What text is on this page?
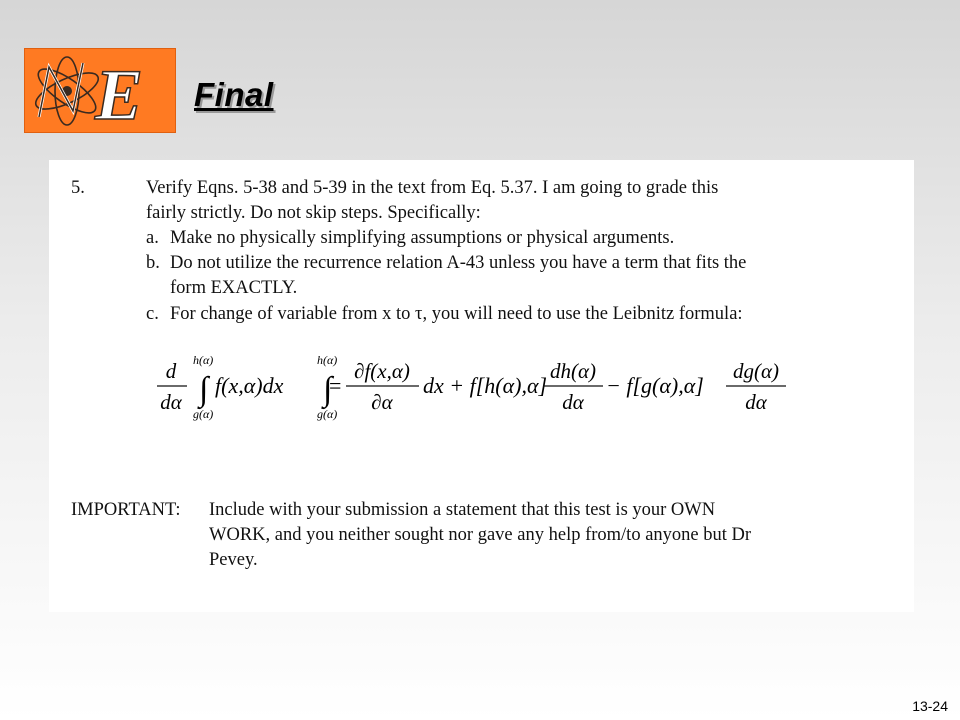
E Final
5.	Verify Eqns. 5-38 and 5-39 in the text from Eq. 5.37. I am going to grade this
fairly strictly. Do not skip steps. Specifically:
a. Make no physically simplifying assumptions or physical arguments.
b. Do not utilize the recurrence relation A-43 unless you have a term that fits the
form EXACTLY.
c. For change of variable from x to τ, you will need to use the Leibnitz formula:
d
dα
h(α)
∫
g(α)
f(x,α)dx =
h(α)
∫
g(α)
∂f(x,α)
∂α
dx + f[h(α),α]
dh(α)
dα
− f[g(α),α]
dg(α)
dα
IMPORTANT: Include with your submission a statement that this test is your OWN
WORK, and you neither sought nor gave any help from/to anyone but Dr
Pevey.
13-24
